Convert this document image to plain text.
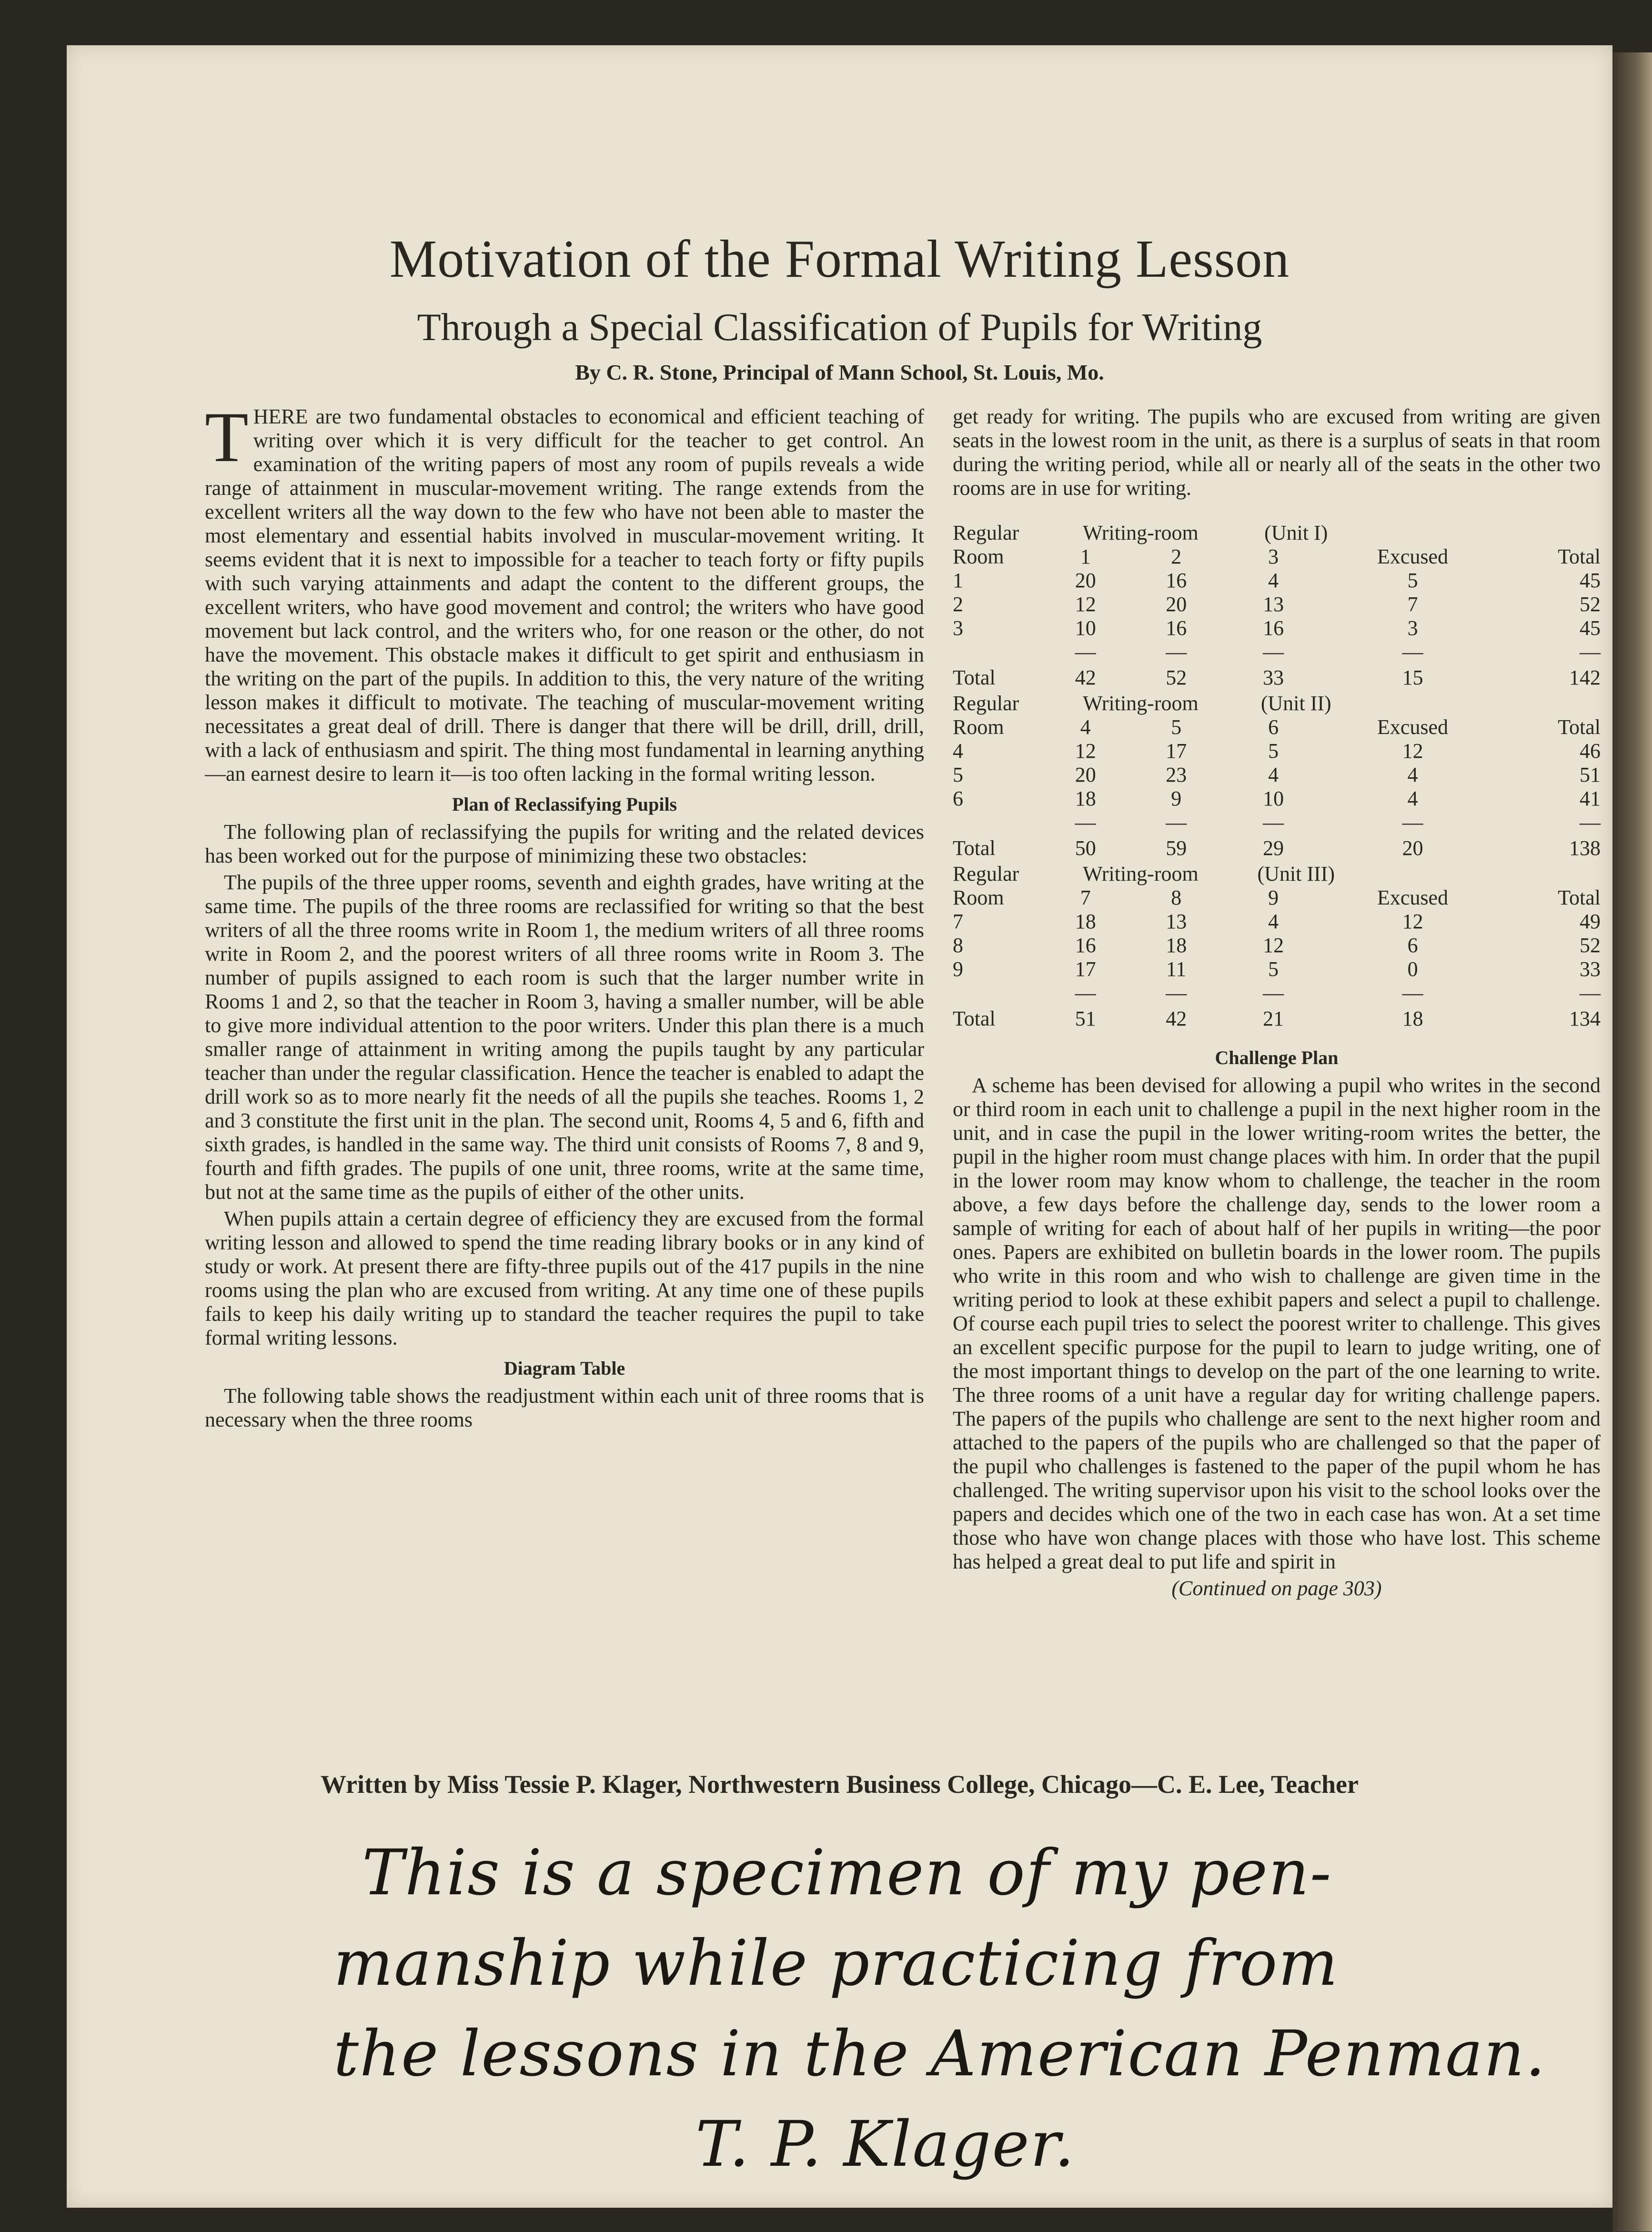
Motivation of the Formal Writing Lesson
Through a Special Classification of Pupils for Writing
By C. R. Stone, Principal of Mann School, St. Louis, Mo.

THERE are two fundamental obstacles to economical and efficient teaching of writing over which it is very difficult for the teacher to get control. An examination of the writing papers of most any room of pupils reveals a wide range of attainment in muscular-movement writing. The range extends from the excellent writers all the way down to the few who have not been able to master the most elementary and essential habits involved in muscular-movement writing. It seems evident that it is next to impossible for a teacher to teach forty or fifty pupils with such varying attainments and adapt the content to the different groups, the excellent writers, who have good movement and control; the writers who have good movement but lack control, and the writers who, for one reason or the other, do not have the movement. This obstacle makes it difficult to get spirit and enthusiasm in the writing on the part of the pupils. In addition to this, the very nature of the writing lesson makes it difficult to motivate. The teaching of muscular-movement writing necessitates a great deal of drill. There is danger that there will be drill, drill, drill, with a lack of enthusiasm and spirit. The thing most fundamental in learning anything —an earnest desire to learn it—is too often lacking in the formal writing lesson.

Plan of Reclassifying Pupils

The following plan of reclassifying the pupils for writing and the related devices has been worked out for the purpose of minimizing these two obstacles:

The pupils of the three upper rooms, seventh and eighth grades, have writing at the same time. The pupils of the three rooms are reclassified for writing so that the best writers of all the three rooms write in Room 1, the medium writers of all three rooms write in Room 2, and the poorest writers of all three rooms write in Room 3. The number of pupils assigned to each room is such that the larger number write in Rooms 1 and 2, so that the teacher in Room 3, having a smaller number, will be able to give more individual attention to the poor writers. Under this plan there is a much smaller range of attainment in writing among the pupils taught by any particular teacher than under the regular classification. Hence the teacher is enabled to adapt the drill work so as to more nearly fit the needs of all the pupils she teaches. Rooms 1, 2 and 3 constitute the first unit in the plan. The second unit, Rooms 4, 5 and 6, fifth and sixth grades, is handled in the same way. The third unit consists of Rooms 7, 8 and 9, fourth and fifth grades. The pupils of one unit, three rooms, write at the same time, but not at the same time as the pupils of either of the other units.

When pupils attain a certain degree of efficiency they are excused from the formal writing lesson and allowed to spend the time reading library books or in any kind of study or work. At present there are fifty-three pupils out of the 417 pupils in the nine rooms using the plan who are excused from writing. At any time one of these pupils fails to keep his daily writing up to standard the teacher requires the pupil to take formal writing lessons.

Diagram Table

The following table shows the readjustment within each unit of three rooms that is necessary when the three rooms

get ready for writing. The pupils who are excused from writing are given seats in the lowest room in the unit, as there is a surplus of seats in that room during the writing period, while all or nearly all of the seats in the other two rooms are in use for writing.

Regular	Writing-room		(Unit I)			
Room	1	2	3		Excused	Total
1	20	16	4		5	45
2	12	20	13		7	52
3	10	16	16		3	45
	—	—	—		—	—
Total	42	52	33		15	142
Regular	Writing-room		(Unit II)			
Room	4	5	6		Excused	Total
4	12	17	5		12	46
5	20	23	4		4	51
6	18	9	10		4	41
	—	—	—		—	—
Total	50	59	29		20	138
Regular	Writing-room		(Unit III)			
Room	7	8	9		Excused	Total
7	18	13	4		12	49
8	16	18	12		6	52
9	17	11	5		0	33
	—	—	—		—	—
Total	51	42	21		18	134
Challenge Plan

A scheme has been devised for allowing a pupil who writes in the second or third room in each unit to challenge a pupil in the next higher room in the unit, and in case the pupil in the lower writing-room writes the better, the pupil in the higher room must change places with him. In order that the pupil in the lower room may know whom to challenge, the teacher in the room above, a few days before the challenge day, sends to the lower room a sample of writing for each of about half of her pupils in writing—the poor ones. Papers are exhibited on bulletin boards in the lower room. The pupils who write in this room and who wish to challenge are given time in the writing period to look at these exhibit papers and select a pupil to challenge. Of course each pupil tries to select the poorest writer to challenge. This gives an excellent specific purpose for the pupil to learn to judge writing, one of the most important things to develop on the part of the one learning to write. The three rooms of a unit have a regular day for writing challenge papers. The papers of the pupils who challenge are sent to the next higher room and attached to the papers of the pupils who are challenged so that the paper of the pupil who challenges is fastened to the paper of the pupil whom he has challenged. The writing supervisor upon his visit to the school looks over the papers and decides which one of the two in each case has won. At a set time those who have won change places with those who have lost. This scheme has helped a great deal to put life and spirit in

(Continued on page 303)
Written by Miss Tessie P. Klager, Northwestern Business College, Chicago—C. E. Lee, Teacher
This is a specimen of my pen-
manship while practicing from
the lessons in the American Penman.
T. P. Klager.
298
